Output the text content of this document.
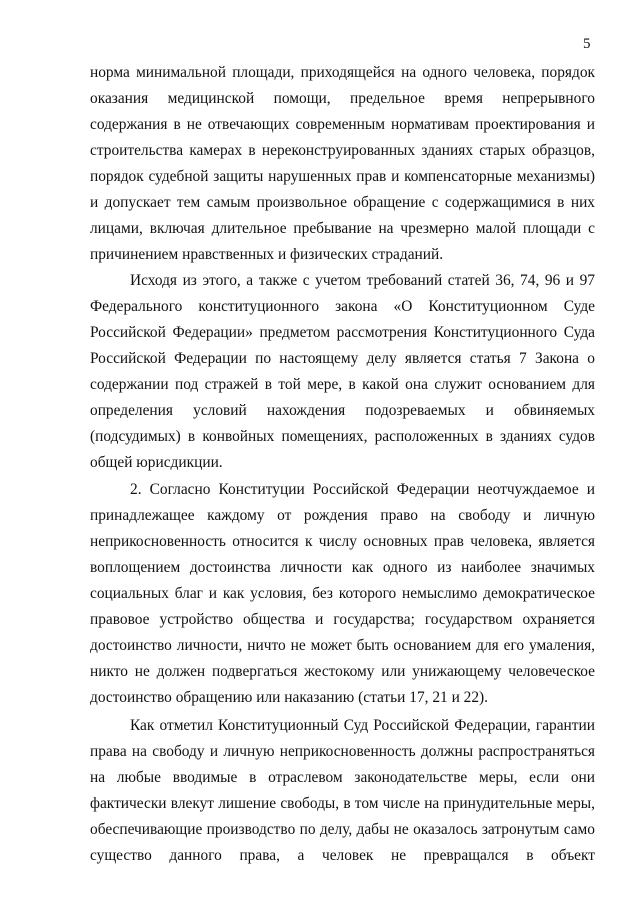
5
норма минимальной площади, приходящейся на одного человека, порядок
оказания медицинской помощи, предельное время непрерывного
содержания в не отвечающих современным нормативам проектирования и
строительства камерах в нереконструированных зданиях старых образцов,
порядок судебной защиты нарушенных прав и компенсаторные механизмы)
и допускает тем самым произвольное обращение с содержащимися в них
лицами, включая длительное пребывание на чрезмерно малой площади с
причинением нравственных и физических страданий.
Исходя из этого, а также с учетом требований статей 36, 74, 96 и 97
Федерального конституционного закона «О Конституционном Суде
Российской Федерации» предметом рассмотрения Конституционного Суда
Российской Федерации по настоящему делу является статья 7 Закона о
содержании под стражей в той мере, в какой она служит основанием для
определения условий нахождения подозреваемых и обвиняемых
(подсудимых) в конвойных помещениях, расположенных в зданиях судов
общей юрисдикции.
2. Согласно Конституции Российской Федерации неотчуждаемое и
принадлежащее каждому от рождения право на свободу и личную
неприкосновенность относится к числу основных прав человека, является
воплощением достоинства личности как одного из наиболее значимых
социальных благ и как условия, без которого немыслимо демократическое
правовое устройство общества и государства; государством охраняется
достоинство личности, ничто не может быть основанием для его умаления,
никто не должен подвергаться жестокому или унижающему человеческое
достоинство обращению или наказанию (статьи 17, 21 и 22).
Как отметил Конституционный Суд Российской Федерации, гарантии
права на свободу и личную неприкосновенность должны распространяться
на любые вводимые в отраслевом законодательстве меры, если они
фактически влекут лишение свободы, в том числе на принудительные меры,
обеспечивающие производство по делу, дабы не оказалось затронутым само
существо данного права, а человек не превращался в объект
